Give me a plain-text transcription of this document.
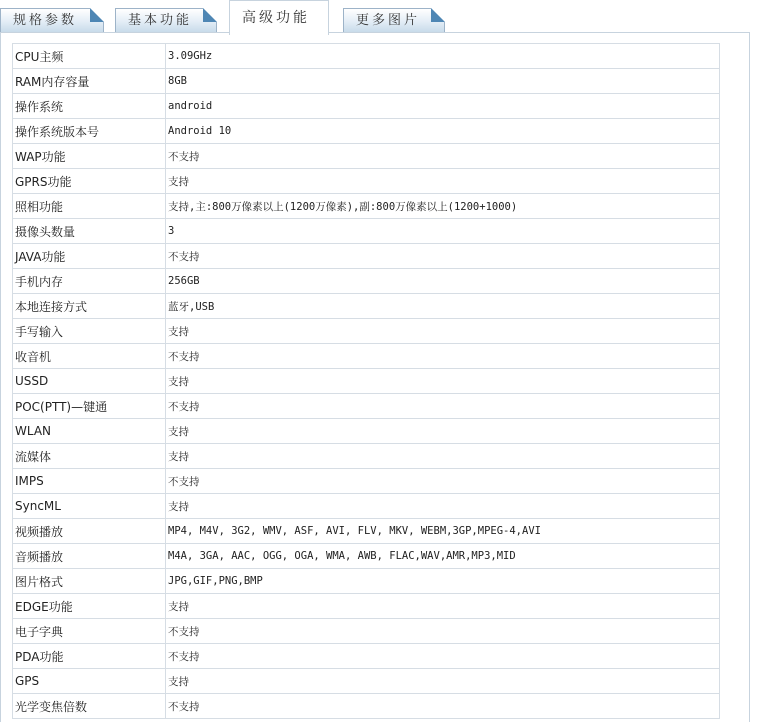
规格参数	基本功能	高级功能	更多图片
CPU主频	3.09GHz
RAM内存容量	8GB
操作系统	android
操作系统版本号	Android 10
WAP功能	不支持
GPRS功能	支持
照相功能	支持,主:800万像素以上(1200万像素),副:800万像素以上(1200+1000)
摄像头数量	3
JAVA功能	不支持
手机内存	256GB
本地连接方式	蓝牙,USB
手写输入	支持
收音机	不支持
USSD	支持
POC(PTT)—键通	不支持
WLAN	支持
流媒体	支持
IMPS	不支持
SyncML	支持
视频播放	MP4, M4V, 3G2, WMV, ASF, AVI, FLV, MKV, WEBM,3GP,MPEG-4,AVI
音频播放	M4A, 3GA, AAC, OGG, OGA, WMA, AWB, FLAC,WAV,AMR,MP3,MID
图片格式	JPG,GIF,PNG,BMP
EDGE功能	支持
电子字典	不支持
PDA功能	不支持
GPS	支持
光学变焦倍数	不支持
